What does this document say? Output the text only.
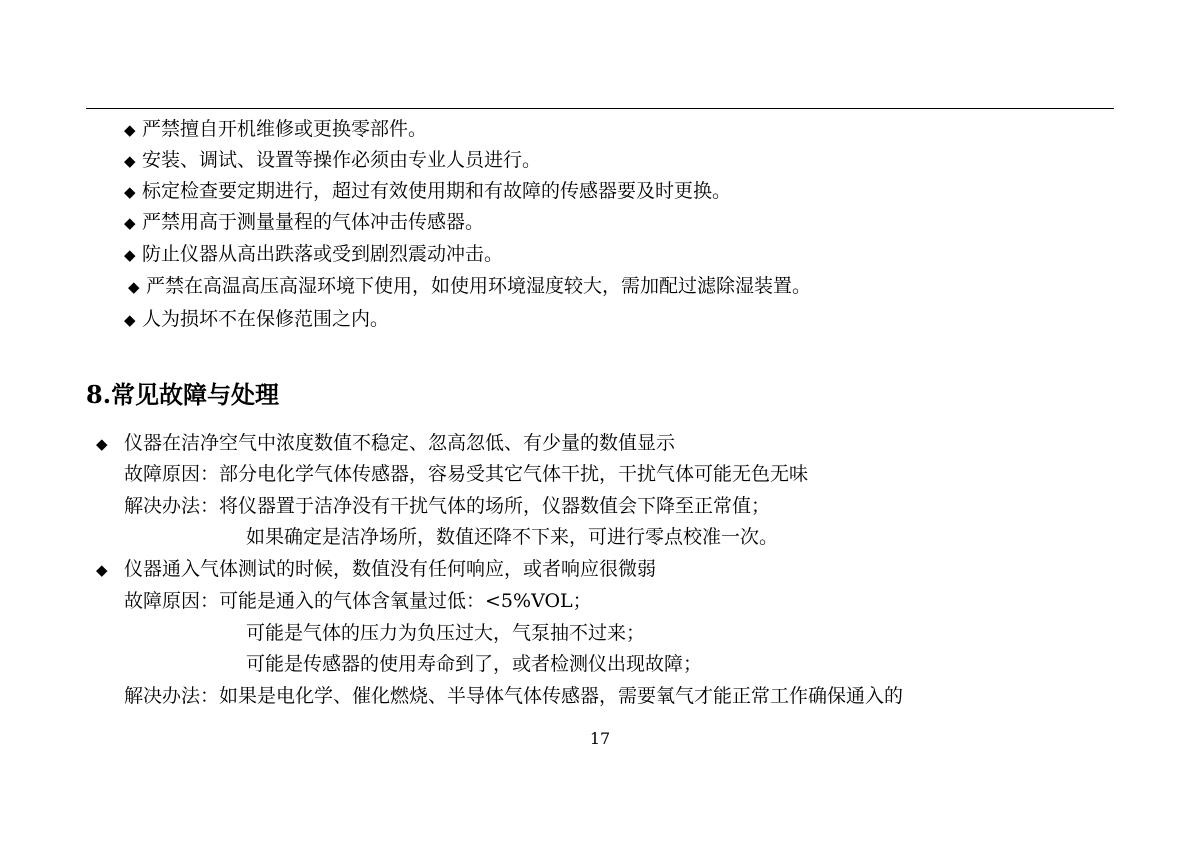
◆ 严禁擅自开机维修或更换零部件。
◆ 安装、调试、设置等操作必须由专业人员进行。
◆ 标定检查要定期进行，超过有效使用期和有故障的传感器要及时更换。
◆ 严禁用高于测量量程的气体冲击传感器。
◆ 防止仪器从高出跌落或受到剧烈震动冲击。
◆ 严禁在高温高压高湿环境下使用，如使用环境湿度较大，需加配过滤除湿装置。
◆ 人为损坏不在保修范围之内。
8.常见故障与处理
◆ 仪器在洁净空气中浓度数值不稳定、忽高忽低、有少量的数值显示
故障原因：部分电化学气体传感器，容易受其它气体干扰，干扰气体可能无色无味
解决办法：将仪器置于洁净没有干扰气体的场所，仪器数值会下降至正常值；
如果确定是洁净场所，数值还降不下来，可进行零点校准一次。
◆ 仪器通入气体测试的时候，数值没有任何响应，或者响应很微弱
故障原因：可能是通入的气体含氧量过低：<5%VOL；
可能是气体的压力为负压过大，气泵抽不过来；
可能是传感器的使用寿命到了，或者检测仪出现故障；
解决办法：如果是电化学、催化燃烧、半导体气体传感器，需要氧气才能正常工作确保通入的
17
